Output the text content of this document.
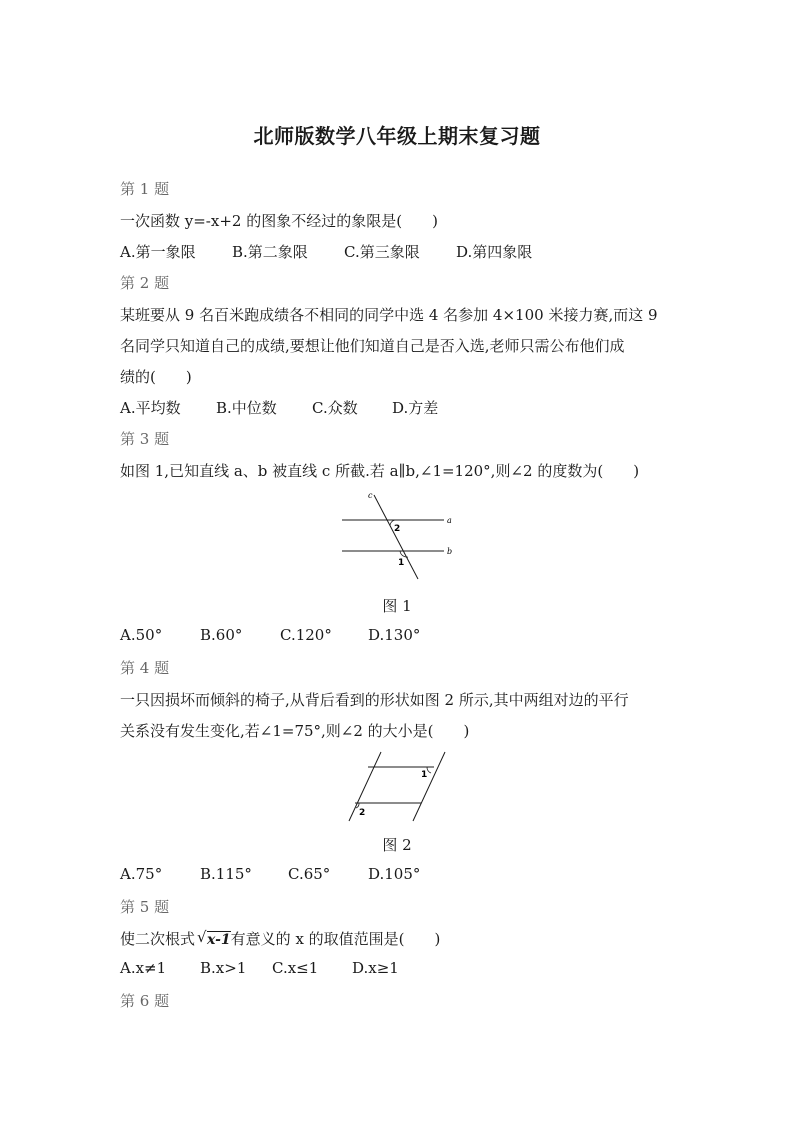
北师版数学八年级上期末复习题
第 1 题
一次函数 y=-x+2 的图象不经过的象限是(　　)
A.第一象限 B.第二象限 C.第三象限 D.第四象限
第 2 题
某班要从 9 名百米跑成绩各不相同的同学中选 4 名参加 4×100 米接力赛,而这 9
名同学只知道自己的成绩,要想让他们知道自己是否入选,老师只需公布他们成
绩的(　　)
A.平均数 B.中位数 C.众数 D.方差
第 3 题
如图 1,已知直线 a、b 被直线 c 所截.若 a∥b,∠1=120°,则∠2 的度数为(　　)
c
a
b
2
1
图 1
A.50°	B.60°	C.120° D.130°
第 4 题
一只因损坏而倾斜的椅子,从背后看到的形状如图 2 所示,其中两组对边的平行
关系没有发生变化,若∠1=75°,则∠2 的大小是(　　)
1
2
图 2
A.75°	B.115° C.65°	D.105°
第 5 题
使二次根式 √ x-1有意义的 x 的取值范围是(　　)
A.x≠1 B.x>1 C.x≤1 D.x≥1
第 6 题
